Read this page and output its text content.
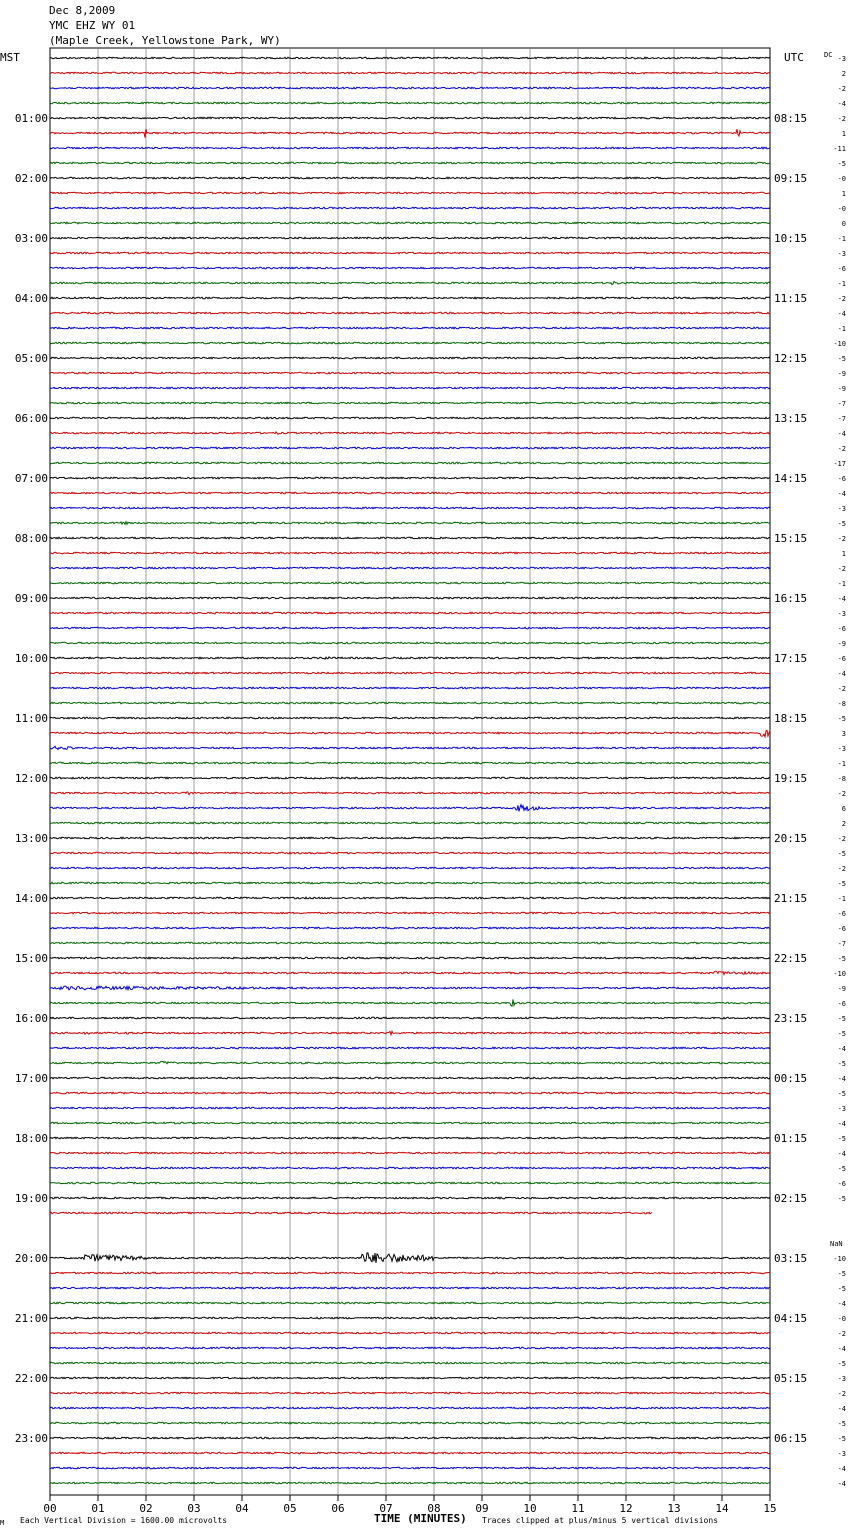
Dec 8,2009
YMC EHZ WY 01
(Maple Creek, Yellowstone Park, WY)
00	01	02	03	04	05	06	07	08	09	10	11	12	13	14	15
-3
2
-2
-4
-2
1
-11
-5
-0
1
-0
0
-1
-3
-6
-1
-2
-4
-1
-10
-5
-9
-9
-7
-7
-4
-2
-17
-6
-4
-3
-5
-2
1
-2
-1
-4
-3
-6
-9
-6
-4
-2
-8
-5
3
-3
-1
-8
-2
6
2
-2
-5
-2
-5
-1
-6
-6
-7
-5
-10
-9
-6
-5
-5
-4
-5
-4
-5
-3
-4
-5
-4
-5
-6
-5
-10
-5
-5
-4
-0
-2
-4
-5
-3
-2
-4
-5
-5
-3
-4
-4
01:00	08:15
02:00	09:15
03:00	10:15
04:00	11:15
05:00	12:15
06:00	13:15
07:00	14:15
08:00	15:15
09:00	16:15
10:00	17:15
11:00	18:15
12:00	19:15
13:00	20:15
14:00	21:15
15:00	22:15
16:00	23:15
17:00	00:15
18:00	01:15
19:00	02:15
20:00	03:15
21:00	04:15
22:00	05:15
23:00	06:15
MST	UTC	DC
NaN
M Each Vertical Division = 1600.00 microvolts	TIME (MINUTES) Traces clipped at plus/minus 5 vertical divisions
